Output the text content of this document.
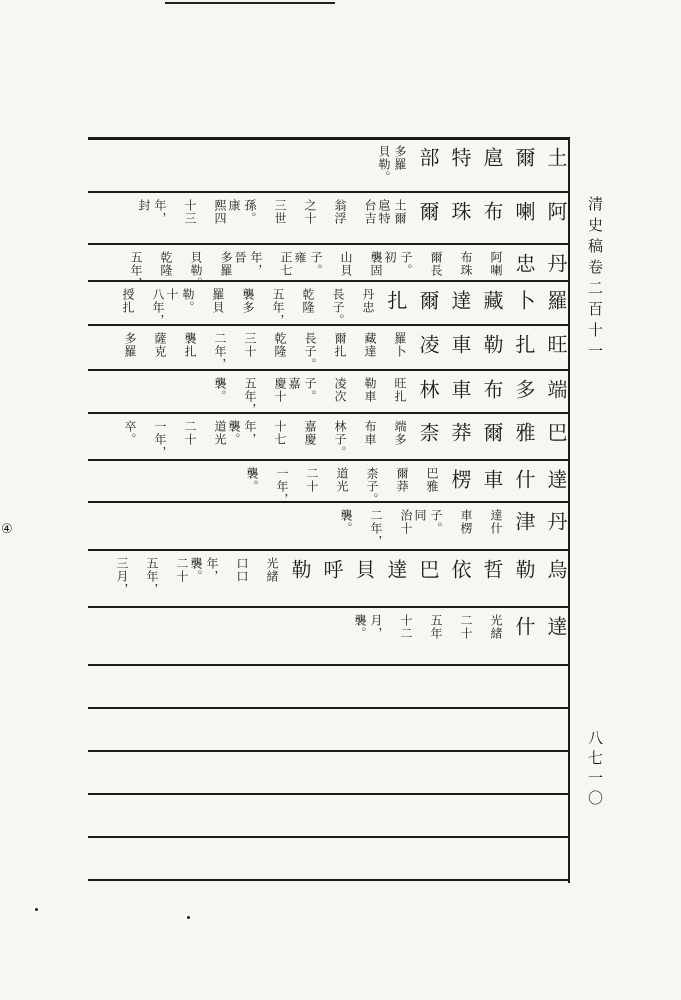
土
爾
扈
特
部
多羅
貝勒。
阿
喇
布
珠
爾
土爾
扈特
台吉
翁浮
之十
三世
孫。
康
熙四
十三
年，
封
丹
忠
阿喇
布珠
爾長
子。
初
襲固
山貝
子。
雍
正七
年，
晉
多羅
貝勒。
乾隆
五年，
羅
卜
藏
達
爾
扎
丹忠
長子。
乾隆
五年，
襲多
羅貝
勒。
十
八年，
授扎
旺
扎
勒
車
凌
羅卜
藏達
爾扎
長子。
乾隆
三十
二年，
襲扎
薩克
多羅
端
多
布
車
林
旺扎
勒車
凌次
子。
嘉
慶十
五年，
襲。
巴
雅
爾
莽
柰
端多
布車
林子。
嘉慶
十七
年，
襲。
道光
二十
一年，
卒。
達
什
車
楞
巴雅
爾莽
柰子。
道光
二十
一年，
襲。
丹
津
達什
車楞
子。
同
治十
二年，
襲。
烏
勒
哲
依
巴
達
貝
呼
勒
光緒
口口
年，
襲。
二十
五年，
三月，
達
什
光緒
二十
五年
十二
月，
襲。
清史稿卷二百十一
八七一〇
④
